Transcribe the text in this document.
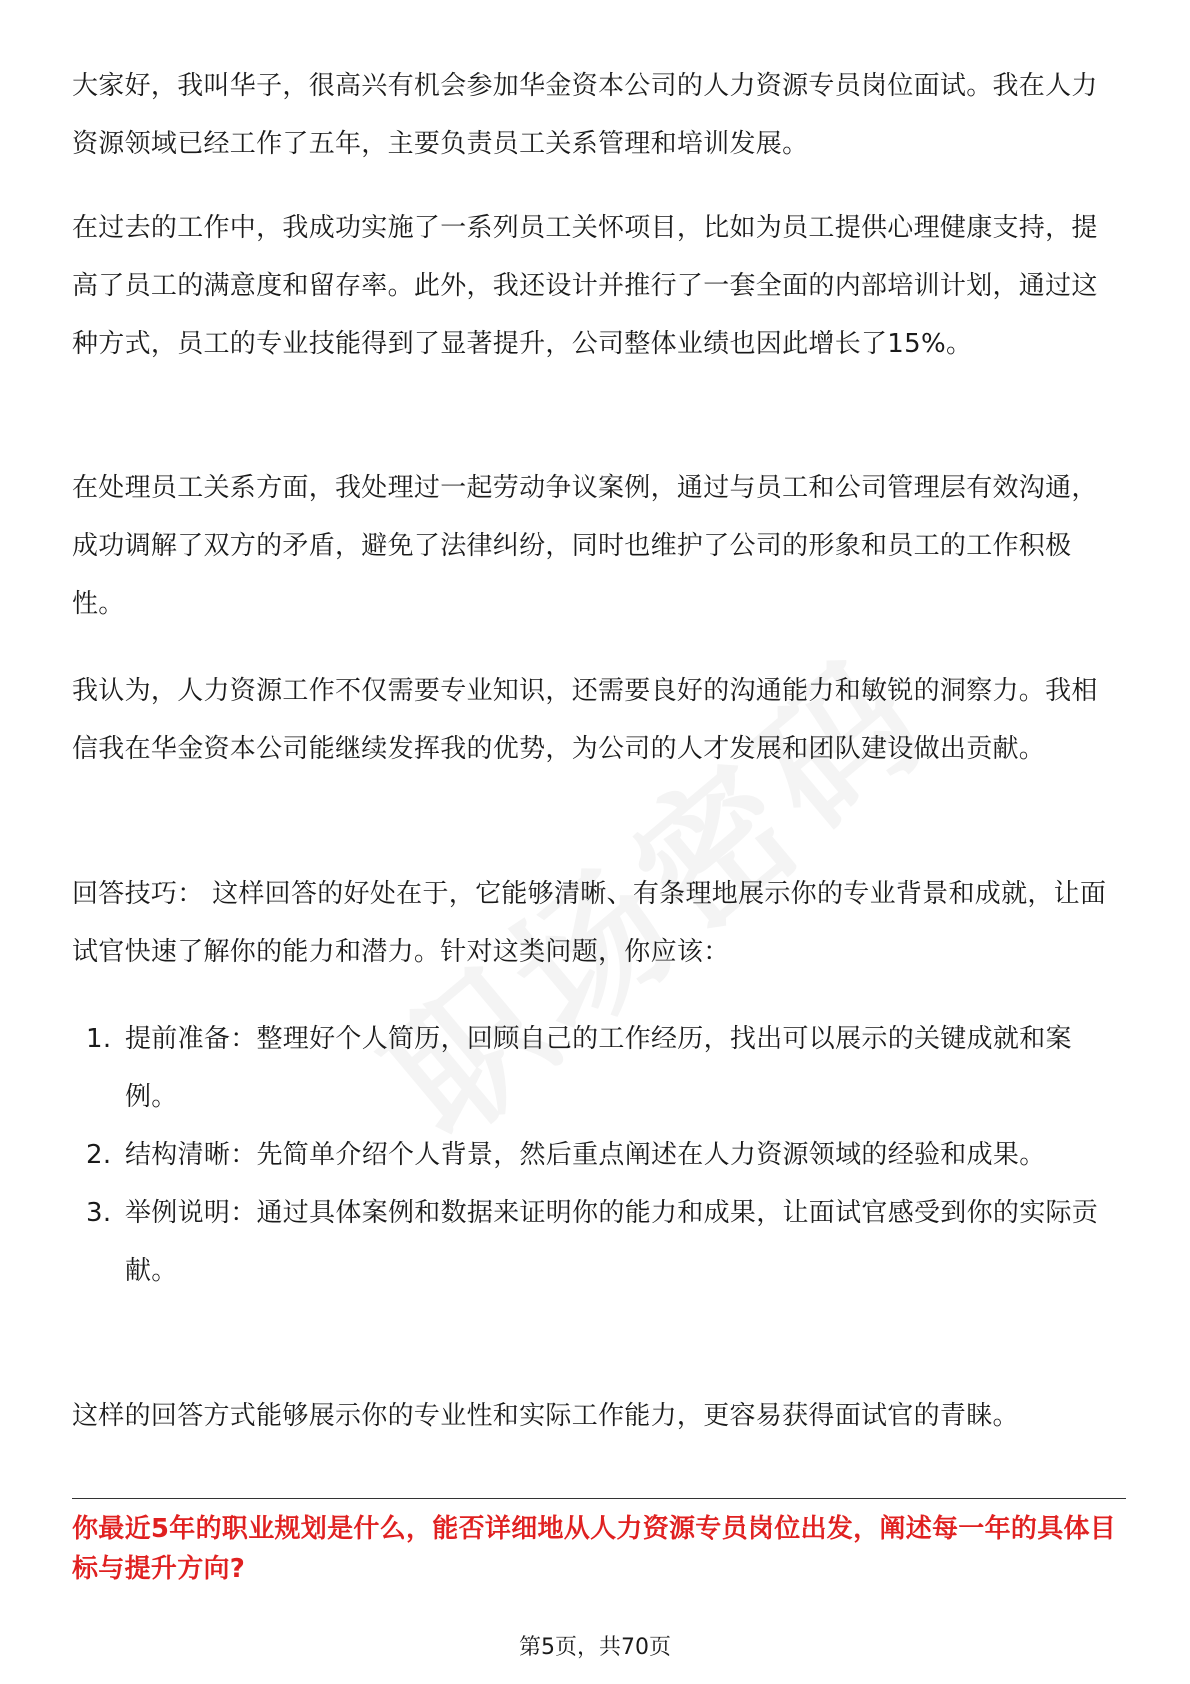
大家好，我叫华子，很高兴有机会参加华金资本公司的人力资源专员岗位面试。我在人力资源领域已经工作了五年，主要负责员工关系管理和培训发展。

在过去的工作中，我成功实施了一系列员工关怀项目，比如为员工提供心理健康支持，提高了员工的满意度和留存率。此外，我还设计并推行了一套全面的内部培训计划，通过这种方式，员工的专业技能得到了显著提升，公司整体业绩也因此增长了15%。

在处理员工关系方面，我处理过一起劳动争议案例，通过与员工和公司管理层有效沟通，成功调解了双方的矛盾，避免了法律纠纷，同时也维护了公司的形象和员工的工作积极性。

我认为，人力资源工作不仅需要专业知识，还需要良好的沟通能力和敏锐的洞察力。我相信我在华金资本公司能继续发挥我的优势，为公司的人才发展和团队建设做出贡献。

回答技巧： 这样回答的好处在于，它能够清晰、有条理地展示你的专业背景和成就，让面试官快速了解你的能力和潜力。针对这类问题，你应该：

1. 提前准备：整理好个人简历，回顾自己的工作经历，找出可以展示的关键成就和案例。
2. 结构清晰：先简单介绍个人背景，然后重点阐述在人力资源领域的经验和成果。
3. 举例说明：通过具体案例和数据来证明你的能力和成果，让面试官感受到你的实际贡献。

这样的回答方式能够展示你的专业性和实际工作能力，更容易获得面试官的青睐。

你最近5年的职业规划是什么，能否详细地从人力资源专员岗位出发，阐述每一年的具体目标与提升方向?

第5页，共70页
